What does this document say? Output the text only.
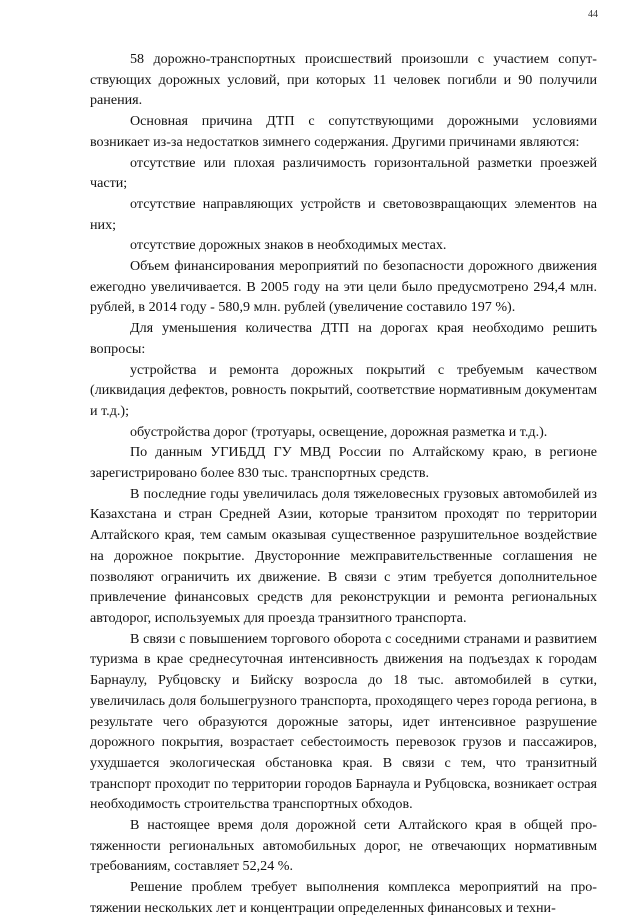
44

58 дорожно-транспортных происшествий произошли с участием сопутствующих дорожных условий, при которых 11 человек погибли и 90 получили ранения.

Основная причина ДТП с сопутствующими дорожными условиями возникает из-за недостатков зимнего содержания. Другими причинами являются:

отсутствие или плохая различимость горизонтальной разметки проезжей части;

отсутствие направляющих устройств и световозвращающих элементов на них;

отсутствие дорожных знаков в необходимых местах.

Объем финансирования мероприятий по безопасности дорожного движения ежегодно увеличивается. В 2005 году на эти цели было предусмотрено 294,4 млн. рублей, в 2014 году - 580,9 млн. рублей (увеличение составило 197 %).

Для уменьшения количества ДТП на дорогах края необходимо решить вопросы:

устройства и ремонта дорожных покрытий с требуемым качеством (ликвидация дефектов, ровность покрытий, соответствие нормативным документам и т.д.);

обустройства дорог (тротуары, освещение, дорожная разметка и т.д.).

По данным УГИБДД ГУ МВД России по Алтайскому краю, в регионе зарегистрировано более 830 тыс. транспортных средств.

В последние годы увеличилась доля тяжеловесных грузовых автомобилей из Казахстана и стран Средней Азии, которые транзитом проходят по территории Алтайского края, тем самым оказывая существенное разрушительное воздействие на дорожное покрытие. Двусторонние межправительственные соглашения не позволяют ограничить их движение. В связи с этим требуется дополнительное привлечение финансовых средств для реконструкции и ремонта региональных автодорог, используемых для проезда транзитного транспорта.

В связи с повышением торгового оборота с соседними странами и развитием туризма в крае среднесуточная интенсивность движения на подъездах к городам Барнаулу, Рубцовску и Бийску возросла до 18 тыс. автомобилей в сутки, увеличилась доля большегрузного транспорта, проходящего через города региона, в результате чего образуются дорожные заторы, идет интенсивное разрушение дорожного покрытия, возрастает себестоимость перевозок грузов и пассажиров, ухудшается экологическая обстановка края. В связи с тем, что транзитный транспорт проходит по территории городов Барнаула и Рубцовска, возникает острая необходимость строительства транспортных обходов.

В настоящее время доля дорожной сети Алтайского края в общей протяженности региональных автомобильных дорог, не отвечающих нормативным требованиям, составляет 52,24 %.

Решение проблем требует выполнения комплекса мероприятий на протяжении нескольких лет и концентрации определенных финансовых и техни-
